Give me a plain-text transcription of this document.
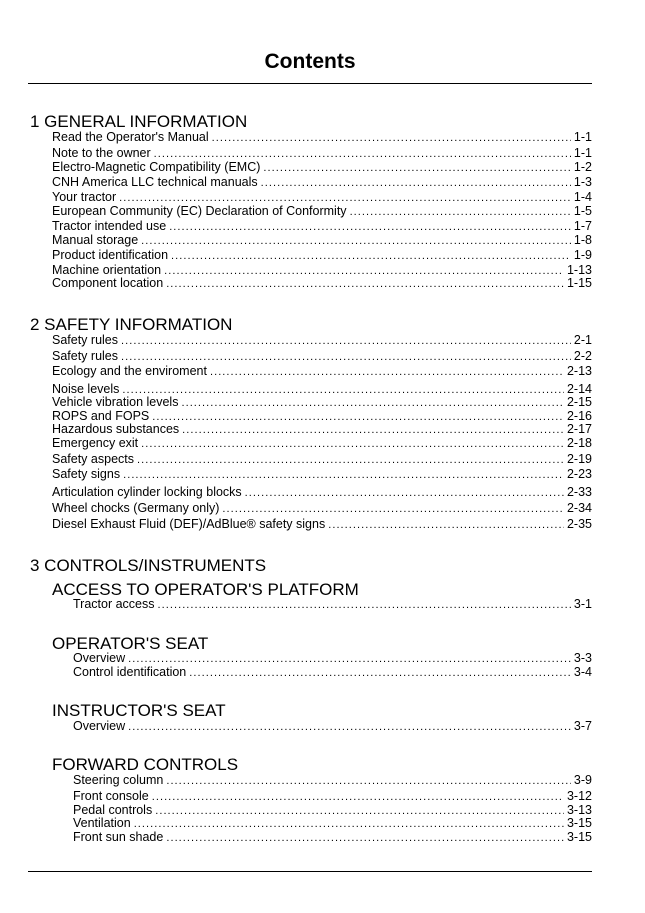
Contents
1 GENERAL INFORMATION
Read the Operator's Manual . . .	1-1
Note to the owner . . .	1-1
Electro-Magnetic Compatibility (EMC) . . .	1-2
CNH America LLC technical manuals . . .	1-3
Your tractor . . .	1-4
European Community (EC) Declaration of Conformity . . .	1-5
Tractor intended use . . .	1-7
Manual storage . . .	1-8
Product identification . . .	1-9
Machine orientation . . .	1-13
Component location . . .	1-15
2 SAFETY INFORMATION
Safety rules . . .	2-1
Safety rules . . .	2-2
Ecology and the enviroment . . .	2-13
Noise levels . . .	2-14
Vehicle vibration levels . . .	2-15
ROPS and FOPS . . .	2-16
Hazardous substances . . .	2-17
Emergency exit . . .	2-18
Safety aspects . . .	2-19
Safety signs . . .	2-23
Articulation cylinder locking blocks . . .	2-33
Wheel chocks (Germany only) . . .	2-34
Diesel Exhaust Fluid (DEF)/AdBlue® safety signs . . .	2-35
3 CONTROLS/INSTRUMENTS
ACCESS TO OPERATOR'S PLATFORM
Tractor access . . .	3-1
OPERATOR'S SEAT
Overview . . .	3-3
Control identification . . .	3-4
INSTRUCTOR'S SEAT
Overview . . .	3-7
FORWARD CONTROLS
Steering column . . .	3-9
Front console . . .	3-12
Pedal controls . . .	3-13
Ventilation . . .	3-15
Front sun shade . . .	3-15
